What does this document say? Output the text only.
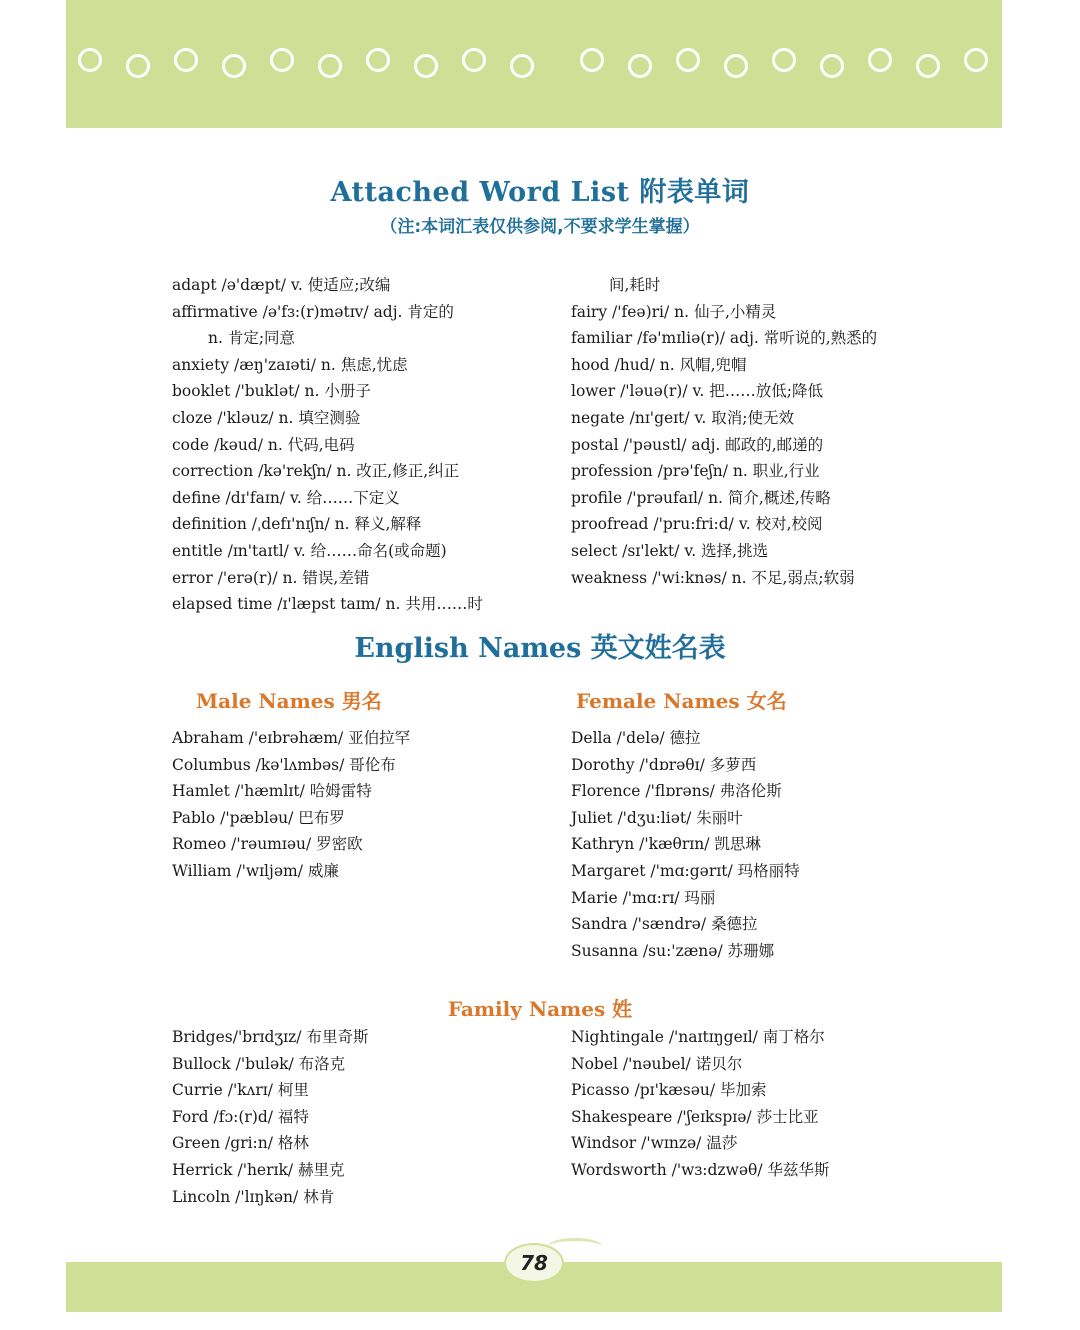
Attached Word List 附表单词
（注:本词汇表仅供参阅,不要求学生掌握）
adapt /ə'dæpt/ v. 使适应;改编
affirmative /ə'fɜ:(r)mətɪv/ adj. 肯定的
n. 肯定;同意
anxiety /æŋ'zaɪəti/ n. 焦虑,忧虑
booklet /'buklət/ n. 小册子
cloze /'kləuz/ n. 填空测验
code /kəud/ n. 代码,电码
correction /kə'rekʃn/ n. 改正,修正,纠正
define /dɪ'faɪn/ v. 给……下定义
definition /ˌdefɪ'nɪʃn/ n. 释义,解释
entitle /ɪn'taɪtl/ v. 给……命名(或命题)
error /'erə(r)/ n. 错误,差错
elapsed time /ɪ'læpst taɪm/ n. 共用……时
间,耗时
fairy /'feə)ri/ n. 仙子,小精灵
familiar /fə'mɪliə(r)/ adj. 常听说的,熟悉的
hood /hud/ n. 风帽,兜帽
lower /'ləuə(r)/ v. 把……放低;降低
negate /nɪ'geɪt/ v. 取消;使无效
postal /'pəustl/ adj. 邮政的,邮递的
profession /prə'feʃn/ n. 职业,行业
profile /'prəufaɪl/ n. 简介,概述,传略
proofread /'pru:fri:d/ v. 校对,校阅
select /sɪ'lekt/ v. 选择,挑选
weakness /'wi:knəs/ n. 不足,弱点;软弱
English Names 英文姓名表
Male Names 男名	Female Names 女名
Abraham /'eɪbrəhæm/ 亚伯拉罕
Columbus /kə'lʌmbəs/ 哥伦布
Hamlet /'hæmlɪt/ 哈姆雷特
Pablo /'pæbləu/ 巴布罗
Romeo /'rəumɪəu/ 罗密欧
William /'wɪljəm/ 威廉
Della /'delə/ 德拉
Dorothy /'dɒrəθɪ/ 多萝西
Florence /'flɒrəns/ 弗洛伦斯
Juliet /'dʒu:liət/ 朱丽叶
Kathryn /'kæθrɪn/ 凯思琳
Margaret /'mɑ:gərɪt/ 玛格丽特
Marie /'mɑ:rɪ/ 玛丽
Sandra /'sændrə/ 桑德拉
Susanna /su:'zænə/ 苏珊娜
Family Names 姓
Bridges/'brɪdʒɪz/ 布里奇斯
Bullock /'bulək/ 布洛克
Currie /'kʌrɪ/ 柯里
Ford /fɔ:(r)d/ 福特
Green /gri:n/ 格林
Herrick /'herɪk/ 赫里克
Lincoln /'lɪŋkən/ 林肯
Nightingale /'naɪtɪŋgeɪl/ 南丁格尔
Nobel /'nəubel/ 诺贝尔
Picasso /pɪ'kæsəu/ 毕加索
Shakespeare /'ʃeɪkspɪə/ 莎士比亚
Windsor /'wɪnzə/ 温莎
Wordsworth /'wɜ:dzwəθ/ 华兹华斯
78
